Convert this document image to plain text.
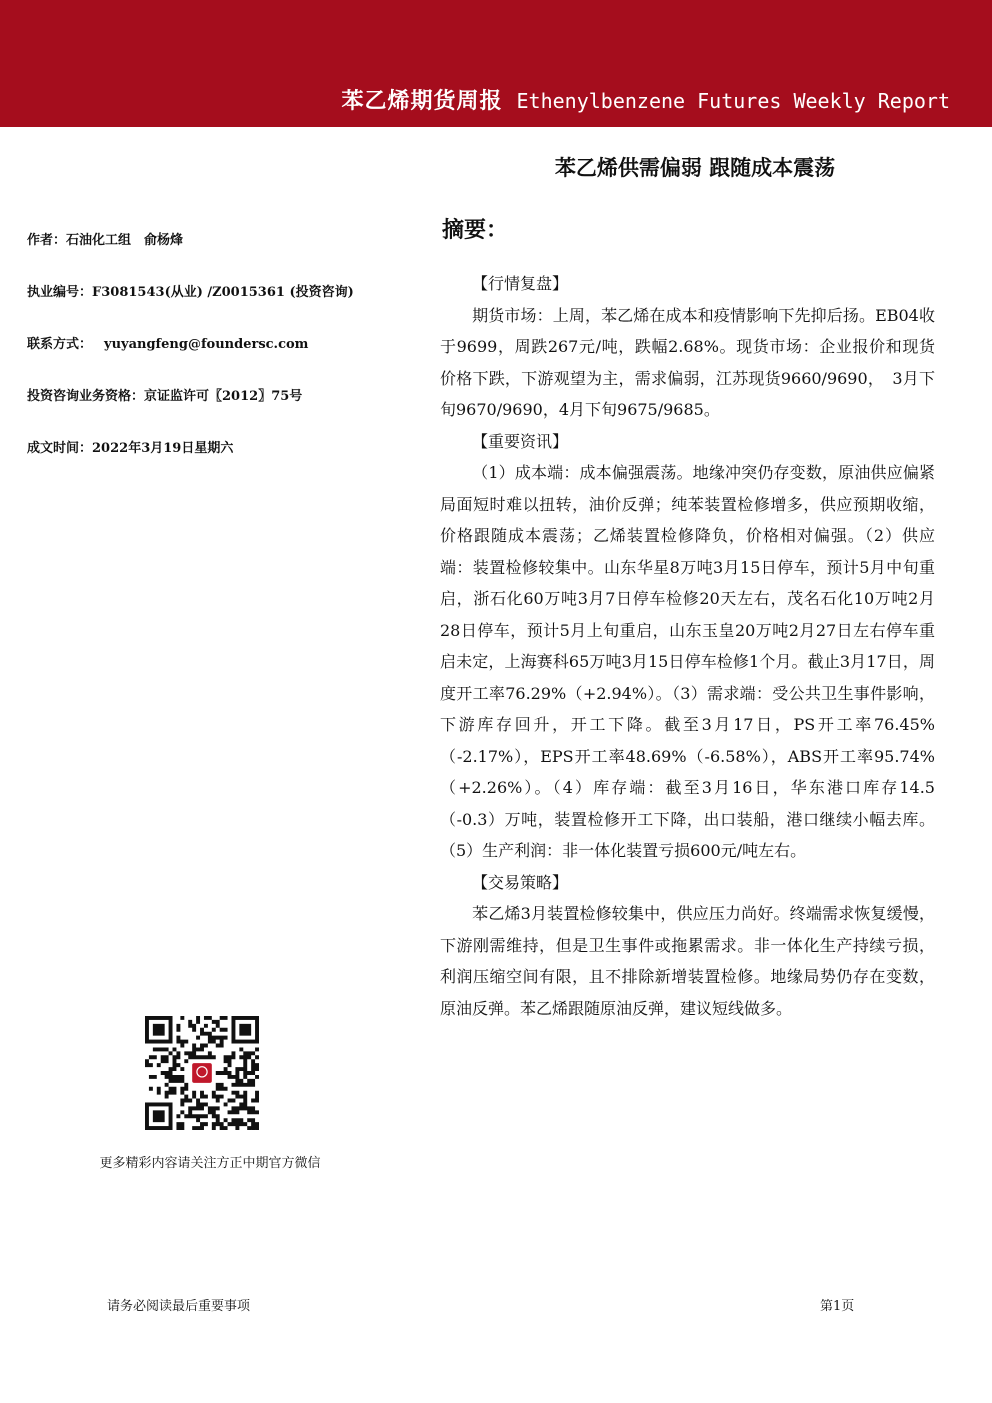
苯乙烯期货周报 Ethenylbenzene Futures Weekly Report
苯乙烯供需偏弱 跟随成本震荡
作者：石油化工组　俞杨烽
执业编号：F3081543(从业) /Z0015361 (投资咨询)
联系方式： yuyangfeng@foundersc.com
投资咨询业务资格：京证监许可〖2012〗75号
成文时间：2022年3月19日星期六
摘要：
【行情复盘】

期货市场：上周，苯乙烯在成本和疫情影响下先抑后扬。EB04收于9699，周跌267元/吨，跌幅2.68%。现货市场：企业报价和现货价格下跌，下游观望为主，需求偏弱，江苏现货9660/9690，　3月下旬9670/9690，4月下旬9675/9685。

【重要资讯】

（1）成本端：成本偏强震荡。地缘冲突仍存变数，原油供应偏紧局面短时难以扭转，油价反弹；纯苯装置检修增多，供应预期收缩，价格跟随成本震荡；乙烯装置检修降负，价格相对偏强。（2）供应端：装置检修较集中。山东华星8万吨3月15日停车，预计5月中旬重启，浙石化60万吨3月7日停车检修20天左右，茂名石化10万吨2月28日停车，预计5月上旬重启，山东玉皇20万吨2月27日左右停车重启未定，上海赛科65万吨3月15日停车检修1个月。截止3月17日，周度开工率76.29%（+2.94%）。（3）需求端：受公共卫生事件影响，下游库存回升，开工下降。截至3月17日，PS开工率76.45%（-2.17%），EPS开工率48.69%（-6.58%），ABS开工率95.74%（+2.26%）。（4）库存端：截至3月16日，华东港口库存14.5（-0.3）万吨，装置检修开工下降，出口装船，港口继续小幅去库。（5）生产利润：非一体化装置亏损600元/吨左右。

【交易策略】

苯乙烯3月装置检修较集中，供应压力尚好。终端需求恢复缓慢，下游刚需维持，但是卫生事件或拖累需求。非一体化生产持续亏损，利润压缩空间有限，且不排除新增装置检修。地缘局势仍存在变数，原油反弹。苯乙烯跟随原油反弹，建议短线做多。

更多精彩内容请关注方正中期官方微信
请务必阅读最后重要事项	第1页
